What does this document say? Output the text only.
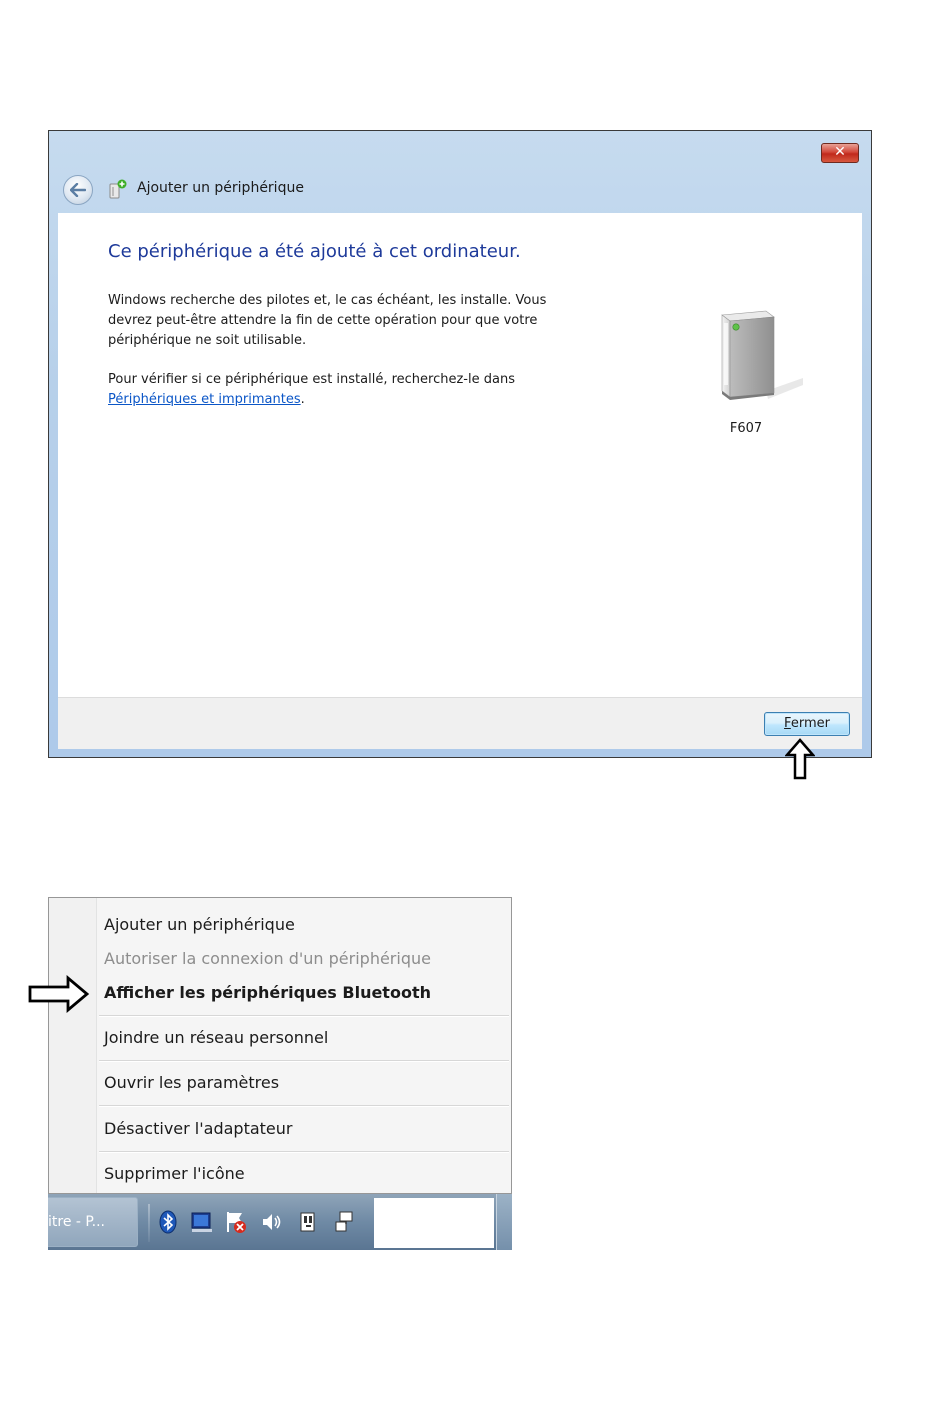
✕
Ajouter un périphérique
Ce périphérique a été ajouté à cet ordinateur.
Windows recherche des pilotes et, le cas échéant, les installe. Vous devrez peut-être attendre la fin de cette opération pour que votre périphérique ne soit utilisable.
Pour vérifier si ce périphérique est installé, recherchez-le dans
Périphériques et imprimantes.
F607
Fermer
Ajouter un périphérique
Autoriser la connexion d'un périphérique
Afficher les périphériques Bluetooth
Joindre un réseau personnel
Ouvrir les paramètres
Désactiver l'adaptateur
Supprimer l'icône
itre - P...
